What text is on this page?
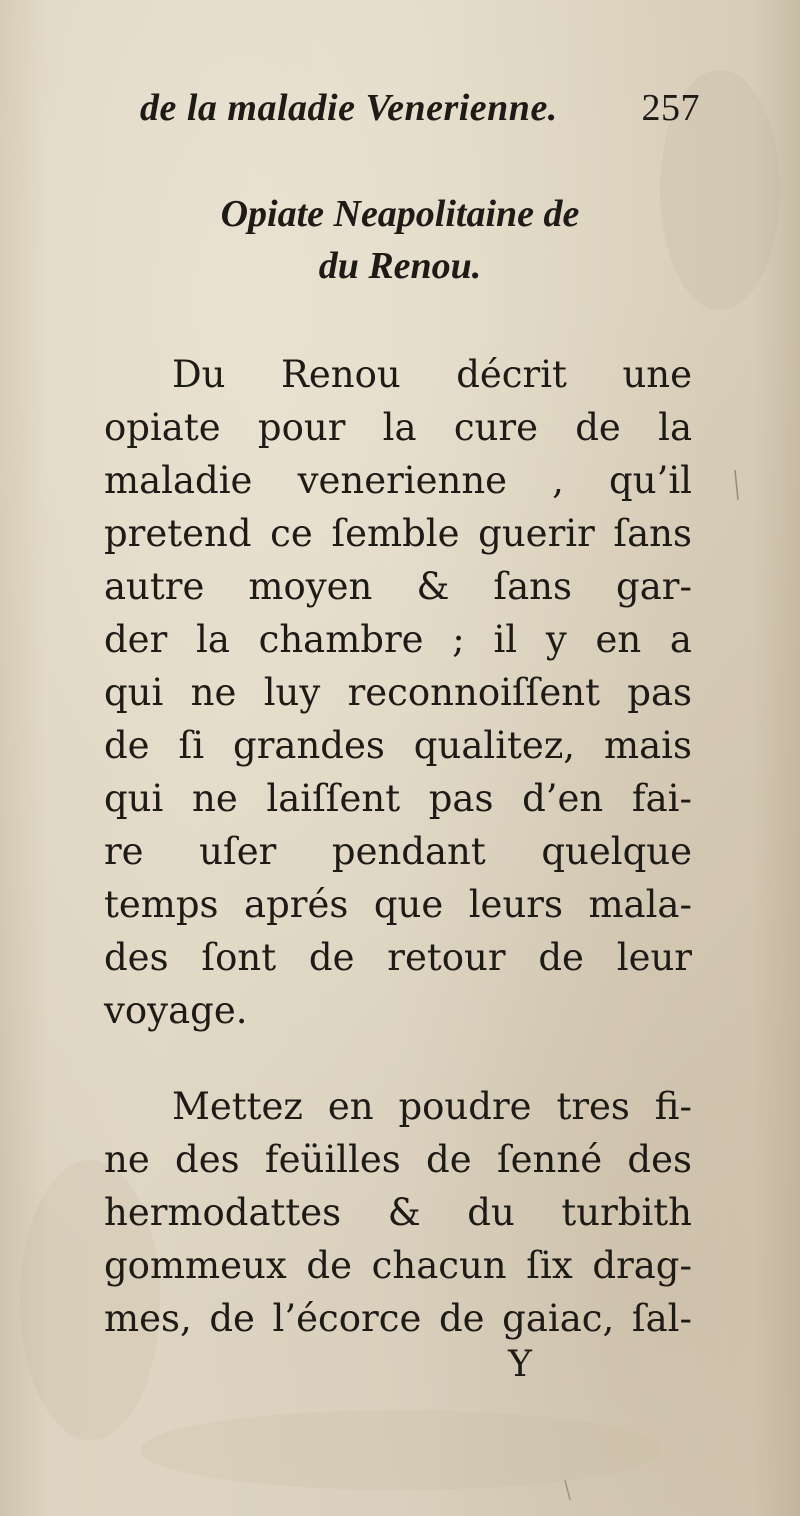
de la maladie Venerienne. 257
Opiate Neapolitaine de
du Renou.
Du Renou décrit une
opiate pour la cure de la
maladie venerienne , qu’il
pretend ce ſemble guerir ſans
autre moyen & ſans gar-
der la chambre ; il y en a
qui ne luy reconnoiſſent pas
de ſi grandes qualitez, mais
qui ne laiſſent pas d’en fai-
re uſer pendant quelque
temps aprés que leurs mala-
des ſont de retour de leur
voyage.
Mettez en poudre tres fi-
ne des feüilles de ſenné des
hermodattes & du turbith
gommeux de chacun ſix drag-
mes, de l’écorce de gaiac, ſal-
Y
